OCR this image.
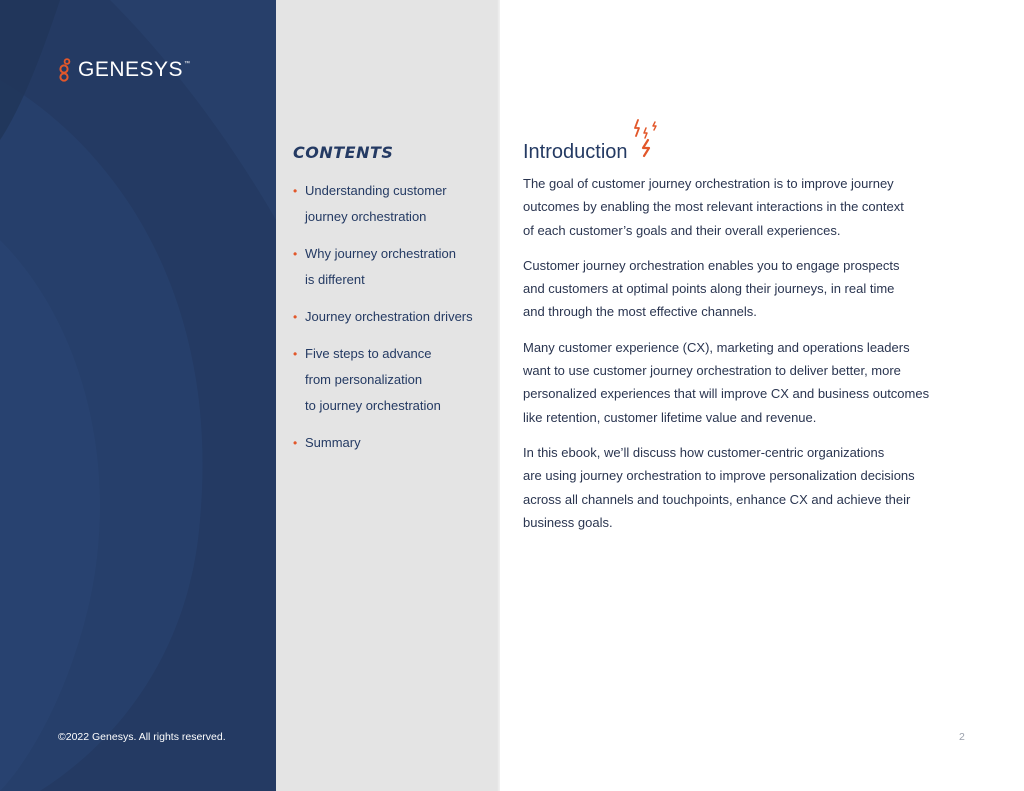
GENESYS ™
©2022 Genesys. All rights reserved.
CONTENTS
• Understanding customer
journey orchestration
• Why journey orchestration
is different
• Journey orchestration drivers
• Five steps to advance
from personalization
to journey orchestration
• Summary
Introduction

The goal of customer journey orchestration is to improve journey
outcomes by enabling the most relevant interactions in the context
of each customer’s goals and their overall experiences.

Customer journey orchestration enables you to engage prospects
and customers at optimal points along their journeys, in real time
and through the most effective channels.

Many customer experience (CX), marketing and operations leaders
want to use customer journey orchestration to deliver better, more
personalized experiences that will improve CX and business outcomes
like retention, customer lifetime value and revenue.

In this ebook, we’ll discuss how customer-centric organizations
are using journey orchestration to improve personalization decisions
across all channels and touchpoints, enhance CX and achieve their
business goals.

2
